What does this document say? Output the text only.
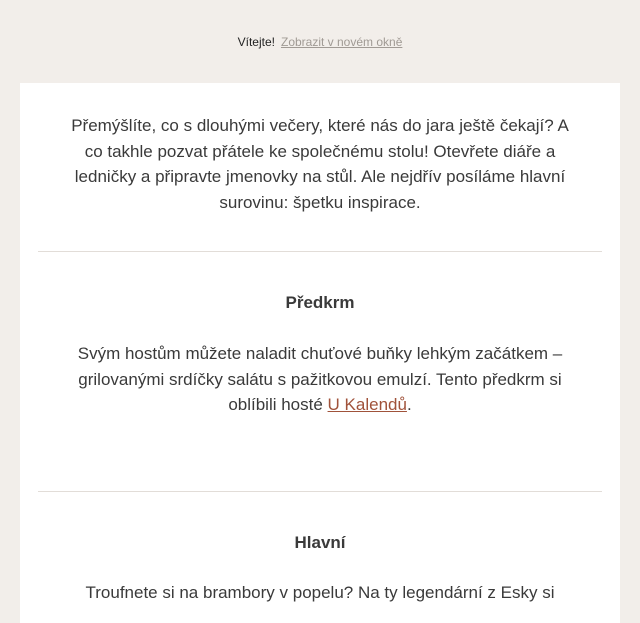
Vítejte! Zobrazit v novém okně

Přemýšlíte, co s dlouhými večery, které nás do jara ještě čekají? A co takhle pozvat přátele ke společnému stolu! Otevřete diáře a ledničky a připravte jmenovky na stůl. Ale nejdřív posíláme hlavní surovinu: špetku inspirace.

Předkrm

Svým hostům můžete naladit chuťové buňky lehkým začátkem – grilovanými srdíčky salátu s pažitkovou emulzí. Tento předkrm si oblíbili hosté U Kalendů.

Hlavní

Troufnete si na brambory v popelu? Na ty legendární z Esky si
